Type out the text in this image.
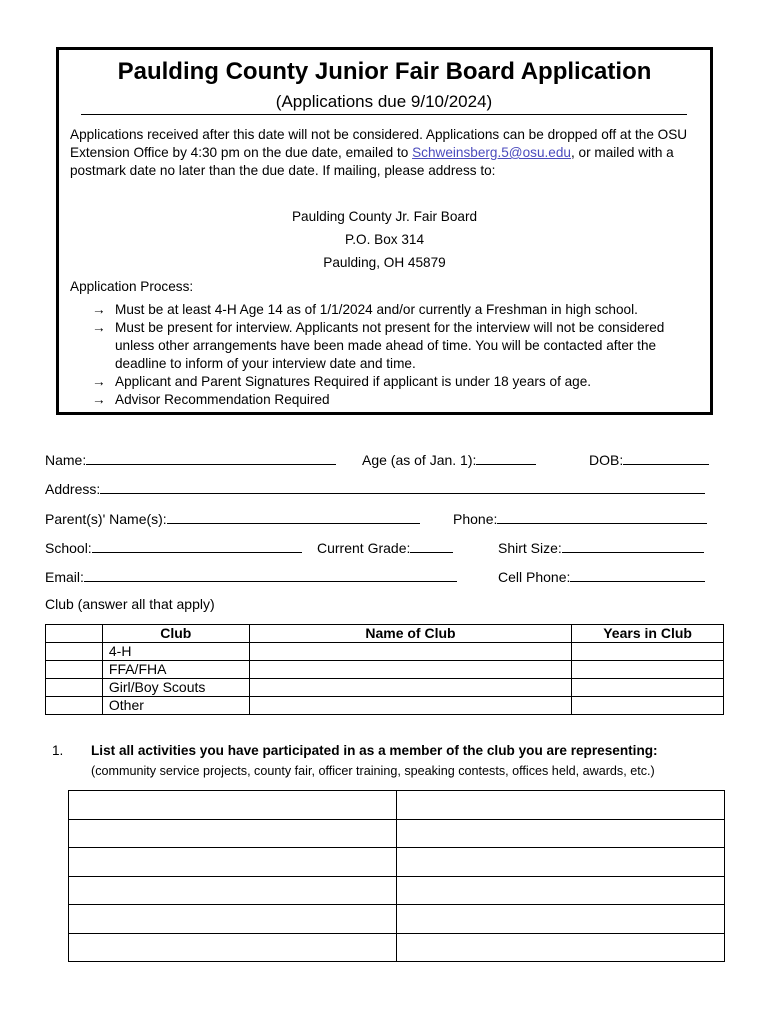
Paulding County Junior Fair Board Application
(Applications due 9/10/2024)
Applications received after this date will not be considered. Applications can be dropped off at the OSU Extension Office by 4:30 pm on the due date, emailed to Schweinsberg.5@osu.edu, or mailed with a postmark date no later than the due date. If mailing, please address to:
Paulding County Jr. Fair Board
P.O. Box 314
Paulding, OH 45879
Application Process:
→ Must be at least 4-H Age 14 as of 1/1/2024 and/or currently a Freshman in high school.
→ Must be present for interview. Applicants not present for the interview will not be considered unless other arrangements have been made ahead of time. You will be contacted after the deadline to inform of your interview date and time.
→ Applicant and Parent Signatures Required if applicant is under 18 years of age.
→ Advisor Recommendation Required
Name:	Age (as of Jan. 1):	DOB:
Address:
Parent(s)' Name(s):	Phone:
School:	Current Grade:	Shirt Size:
Email:	Cell Phone:
Club (answer all that apply)
	Club	Name of Club	Years in Club
	4-H		
	FFA/FHA		
	Girl/Boy Scouts		
	Other		
1. List all activities you have participated in as a member of the club you are representing:
(community service projects, county fair, officer training, speaking contests, offices held, awards, etc.)
